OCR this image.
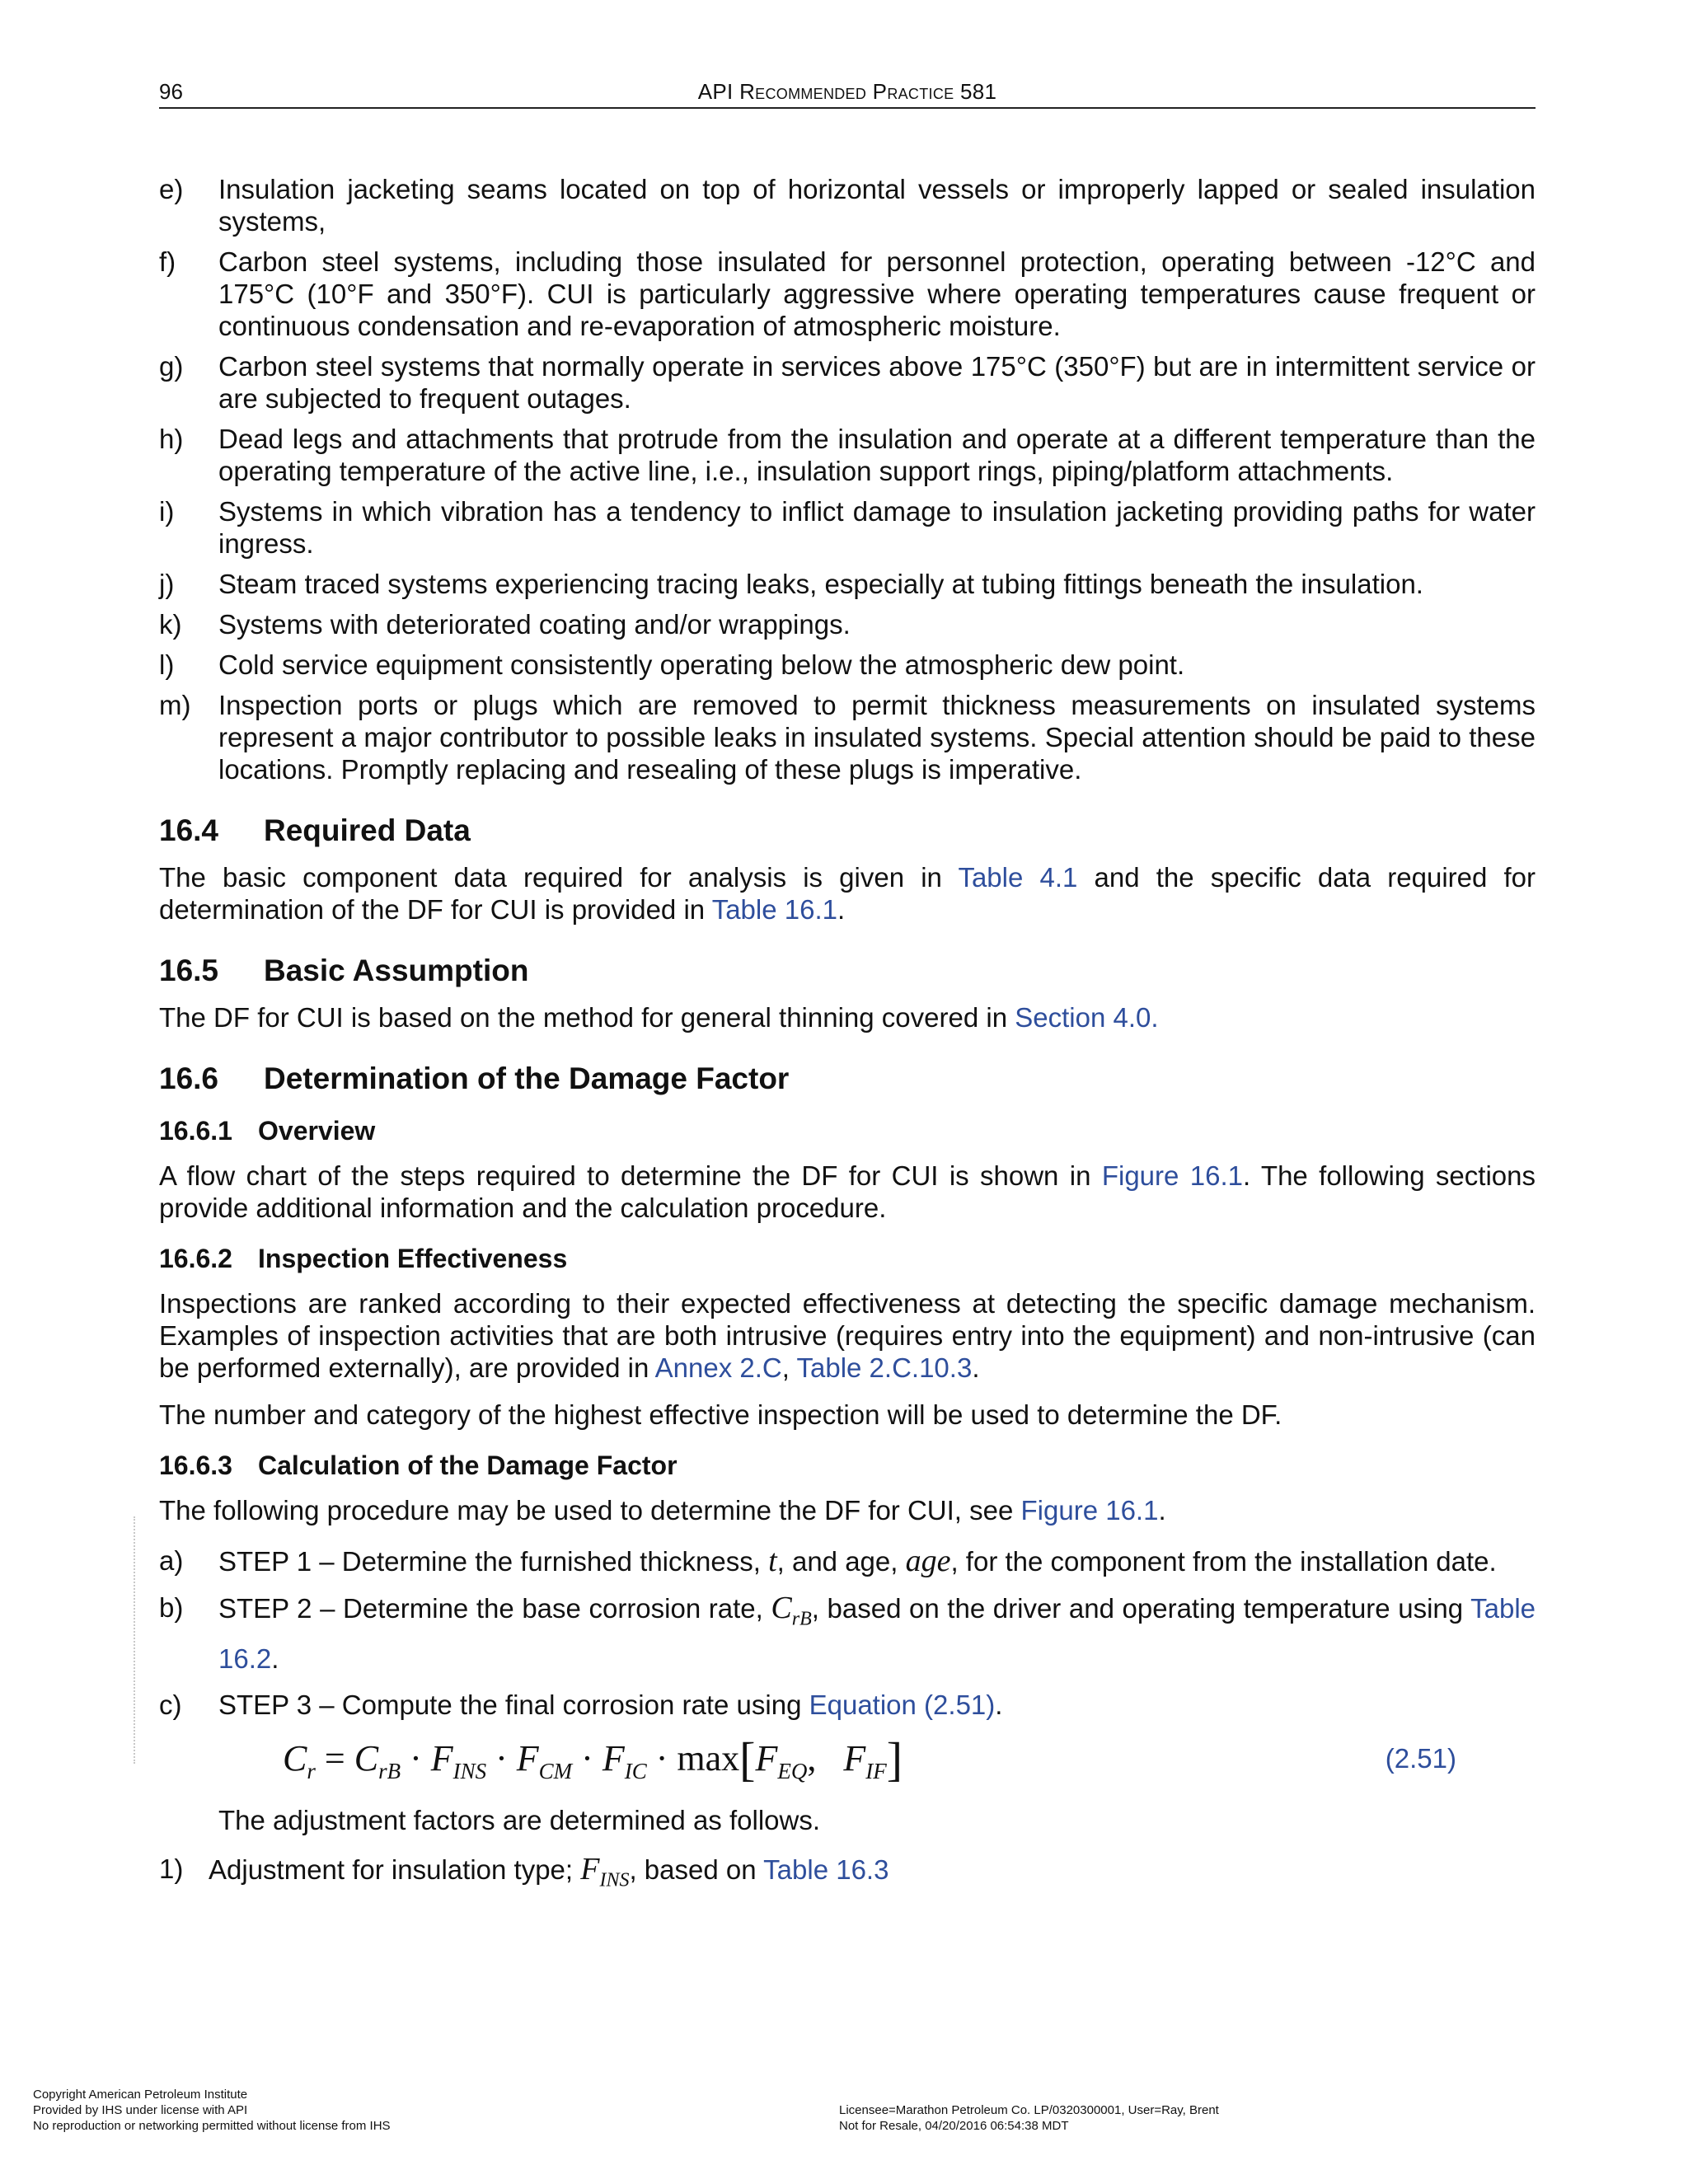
96	API Recommended Practice 581
e) Insulation jacketing seams located on top of horizontal vessels or improperly lapped or sealed insulation systems,
f) Carbon steel systems, including those insulated for personnel protection, operating between -12°C and 175°C (10°F and 350°F). CUI is particularly aggressive where operating temperatures cause frequent or continuous condensation and re-evaporation of atmospheric moisture.
g) Carbon steel systems that normally operate in services above 175°C (350°F) but are in intermittent service or are subjected to frequent outages.
h) Dead legs and attachments that protrude from the insulation and operate at a different temperature than the operating temperature of the active line, i.e., insulation support rings, piping/platform attachments.
i) Systems in which vibration has a tendency to inflict damage to insulation jacketing providing paths for water ingress.
j) Steam traced systems experiencing tracing leaks, especially at tubing fittings beneath the insulation.
k) Systems with deteriorated coating and/or wrappings.
l) Cold service equipment consistently operating below the atmospheric dew point.
m) Inspection ports or plugs which are removed to permit thickness measurements on insulated systems represent a major contributor to possible leaks in insulated systems. Special attention should be paid to these locations. Promptly replacing and resealing of these plugs is imperative.
16.4	Required Data

The basic component data required for analysis is given in Table 4.1 and the specific data required for determination of the DF for CUI is provided in Table 16.1.

16.5	Basic Assumption

The DF for CUI is based on the method for general thinning covered in Section 4.0.

16.6	Determination of the Damage Factor
16.6.1 Overview

A flow chart of the steps required to determine the DF for CUI is shown in Figure 16.1. The following sections provide additional information and the calculation procedure.

16.6.2 Inspection Effectiveness

Inspections are ranked according to their expected effectiveness at detecting the specific damage mechanism. Examples of inspection activities that are both intrusive (requires entry into the equipment) and non-intrusive (can be performed externally), are provided in Annex 2.C, Table 2.C.10.3.

The number and category of the highest effective inspection will be used to determine the DF.

16.6.3 Calculation of the Damage Factor

The following procedure may be used to determine the DF for CUI, see Figure 16.1.

a) STEP 1 – Determine the furnished thickness, t, and age, age, for the component from the installation date.
b) STEP 2 – Determine the base corrosion rate, $C_{rB}$, based on the driver and operating temperature using Table 16.2.
c) STEP 3 – Compute the final corrosion rate using Equation (2.51).
$C_r = C_{rB} \cdot F_{INS} \cdot F_{CM} \cdot F_{IC} \cdot \max[F_{EQ}$,   $F_{IF}$]	(2.51)

The adjustment factors are determined as follows.

1) Adjustment for insulation type; $F_{INS}$, based on Table 16.3
Copyright American Petroleum Institute
Provided by IHS under license with API
No reproduction or networking permitted without license from IHS
Licensee=Marathon Petroleum Co. LP/0320300001, User=Ray, Brent
Not for Resale, 04/20/2016 06:54:38 MDT
